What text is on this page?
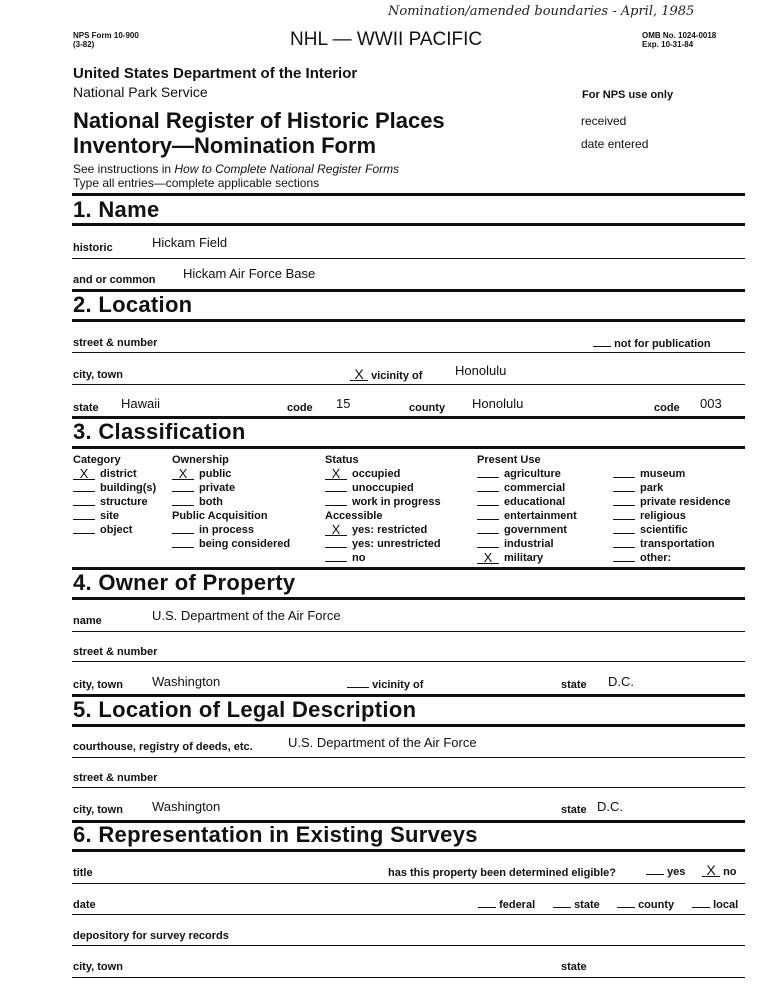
NPS Form 10-900
(3-82)
Nomination/amended boundaries - April, 1985
NHL — WWII PACIFIC	OMB No. 1024-0018
Exp. 10-31-84
United States Department of the Interior
National Park Service
National Register of Historic Places
Inventory—Nomination Form
See instructions in How to Complete National Register Forms
Type all entries—complete applicable sections
For NPS use only
received
date entered
1. Name
historic	Hickam Field
and or common Hickam Air Force Base
2. Location
street & number	not for publication
city, town	X vicinity of	Honolulu
state Hawaii	code 15	county Honolulu	code 003
3. Classification
Category
X district
building(s)
structure
site
object
Ownership
X public
private
both
Public Acquisition
in process
being considered
Status
X occupied
unoccupied
work in progress
Accessible
X yes: restricted
yes: unrestricted
no
Present Use
agriculture
commercial
educational
entertainment
government
industrial
X military
museum
park
private residence
religious
scientific
transportation
other:
4. Owner of Property
name	U.S. Department of the Air Force
street & number
city, town Washington	vicinity of	state D.C.
5. Location of Legal Description
courthouse, registry of deeds, etc.	U.S. Department of the Air Force
street & number
city, town Washington	state D.C.
6. Representation in Existing Surveys
title	has this property been determined eligible?	yes	X no
date	federal	state	county	local
depository for survey records
city, town	state
